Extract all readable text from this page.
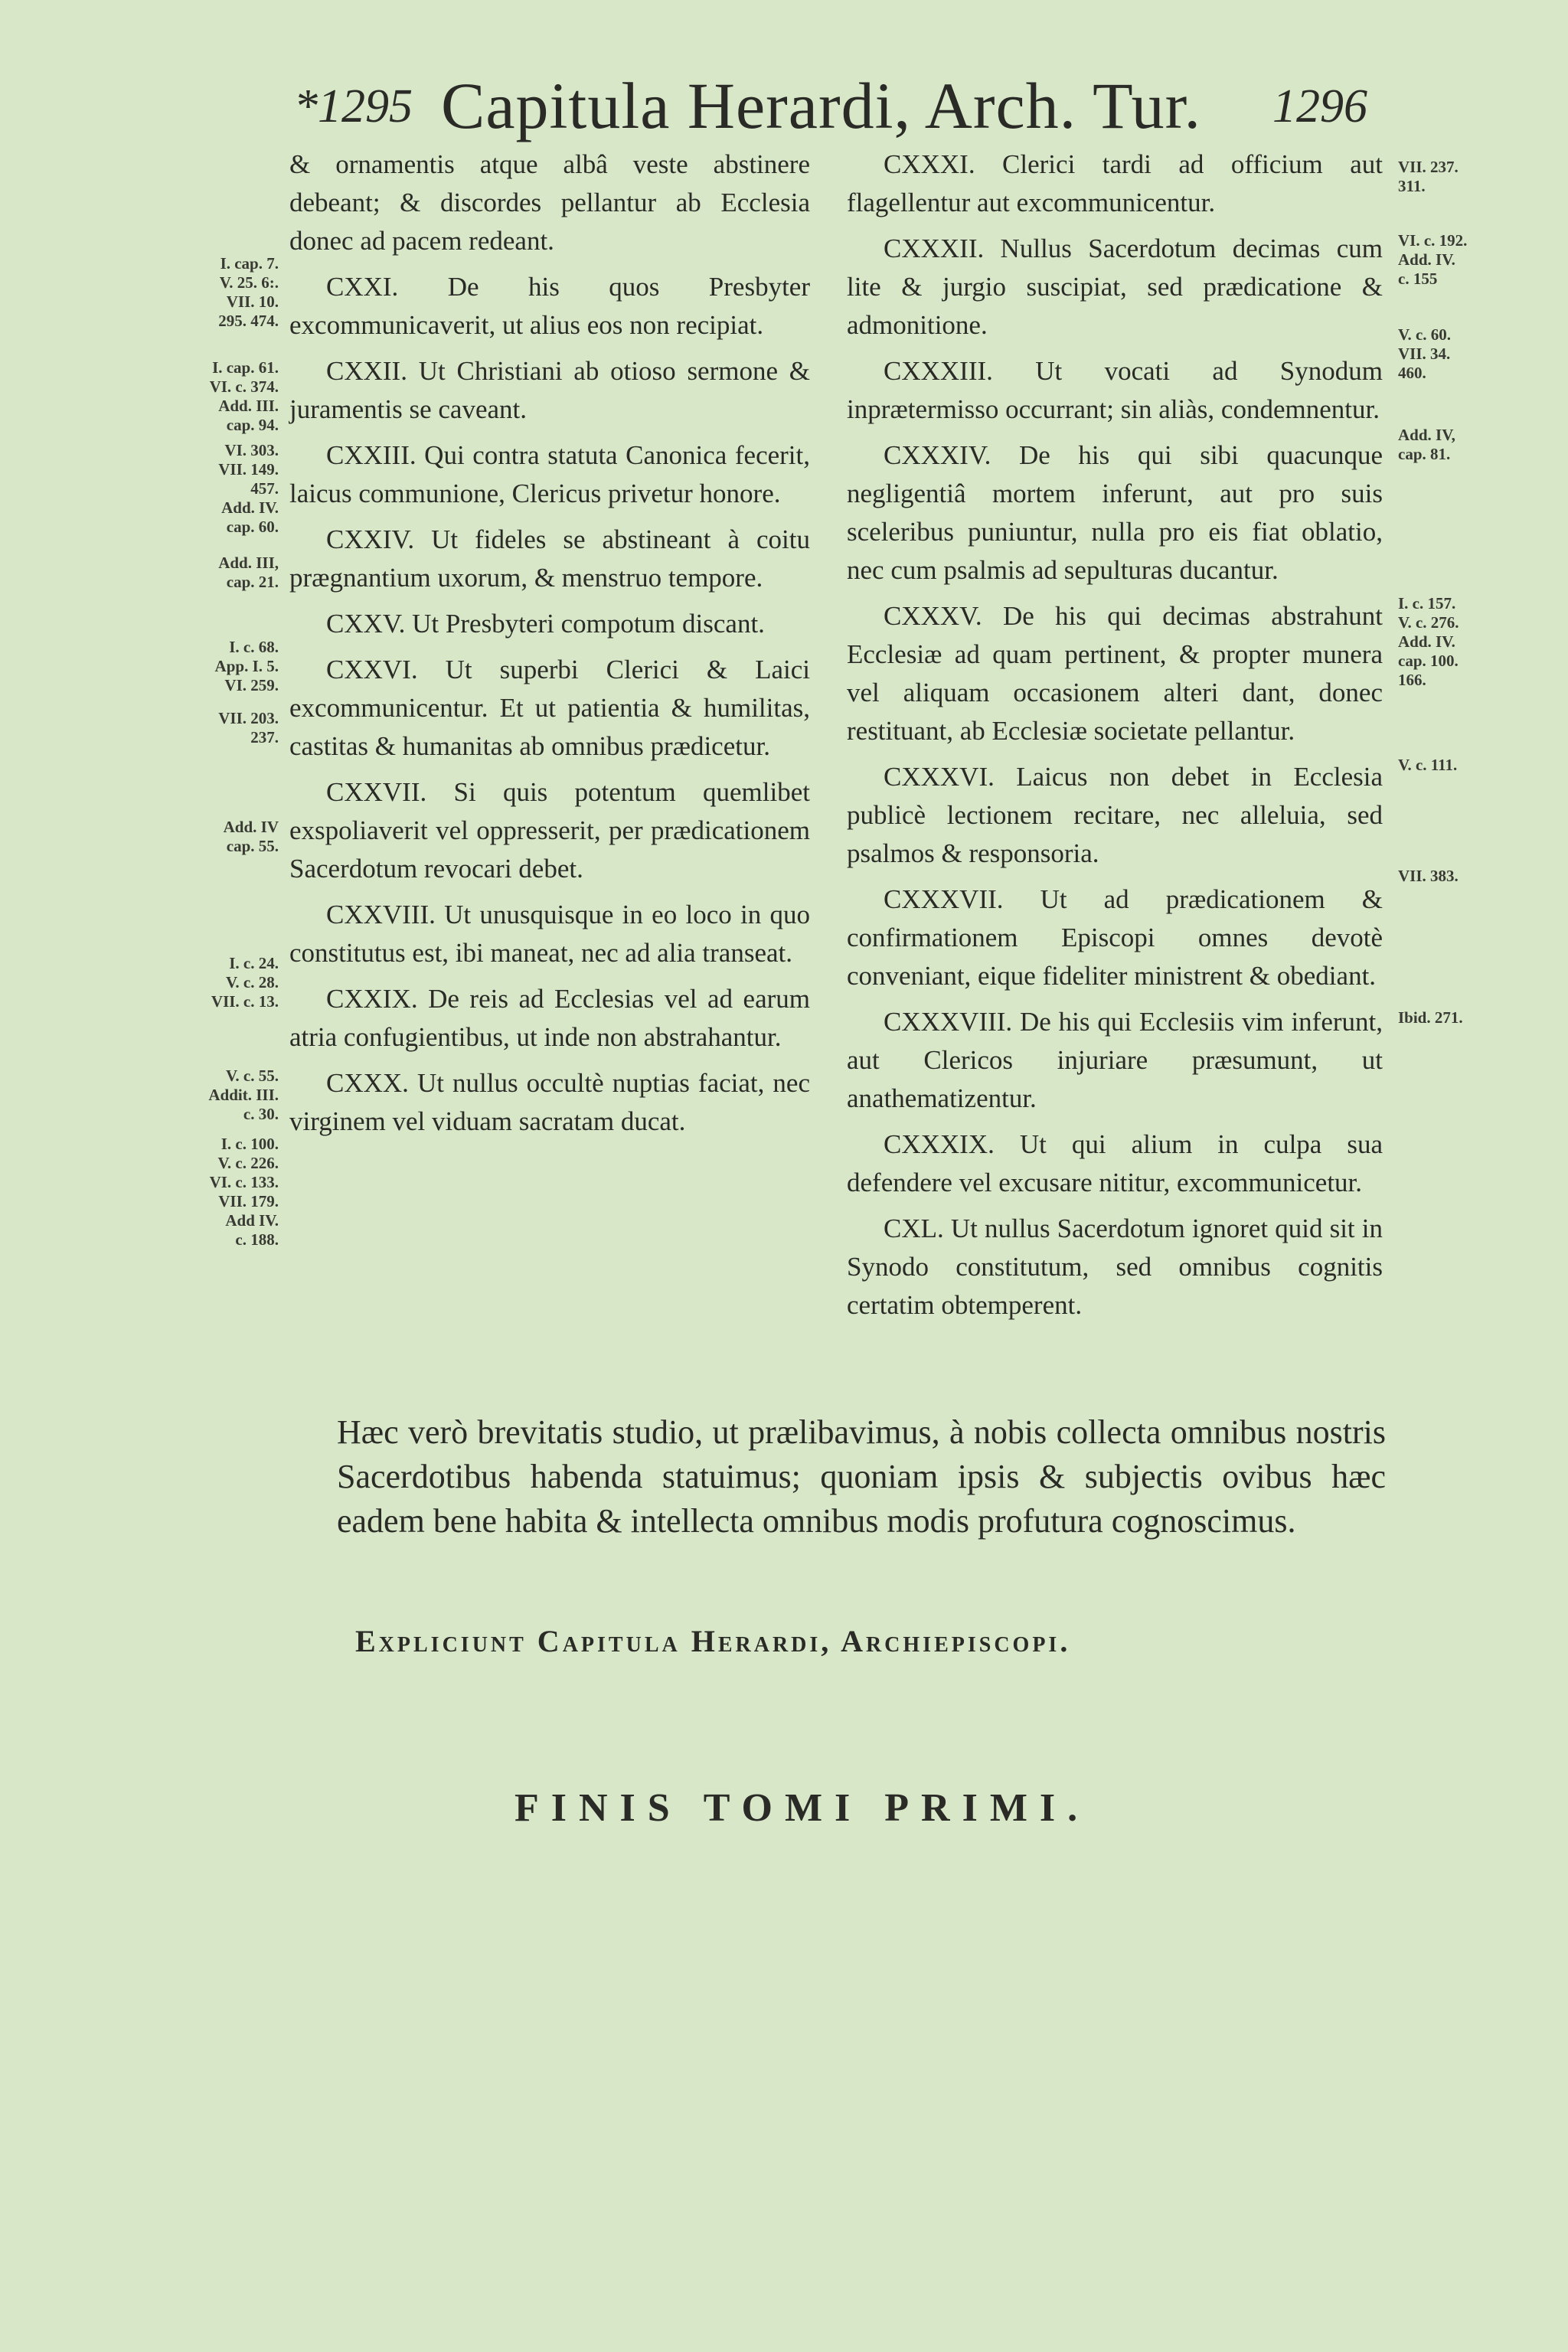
*1295 Capitula Herardi, Arch. Tur. 1296
I. cap. 7.
V. 25. 6:.
VII. 10.
295. 474.
I. cap. 61.
VI. c. 374.
Add. III.
cap. 94.
VI. 303.
VII. 149.
457.
Add. IV.
cap. 60.
Add. III,
cap. 21.
I. c. 68.
App. I. 5.
VI. 259.
VII. 203.
237.
Add. IV
cap. 55.
I. c. 24.
V. c. 28.
VII. c. 13.
V. c. 55.
Addit. III.
c. 30.
I. c. 100.
V. c. 226.
VI. c. 133.
VII. 179.
Add IV.
c. 188.

& ornamentis atque albâ veste abstinere debeant; & discordes pellantur ab Ecclesia donec ad pacem redeant.

CXXI. De his quos Presbyter excommunicaverit, ut alius eos non recipiat.

CXXII. Ut Christiani ab otioso sermone & juramentis se caveant.

CXXIII. Qui contra statuta Canonica fecerit, laicus communione, Clericus privetur honore.

CXXIV. Ut fideles se abstineant à coitu prægnantium uxorum, & menstruo tempore.

CXXV. Ut Presbyteri compotum discant.

CXXVI. Ut superbi Clerici & Laici excommunicentur. Et ut patientia & humilitas, castitas & humanitas ab omnibus prædicetur.

CXXVII. Si quis potentum quemlibet exspoliaverit vel oppresserit, per prædicationem Sacerdotum revocari debet.

CXXVIII. Ut unusquisque in eo loco in quo constitutus est, ibi maneat, nec ad alia transeat.

CXXIX. De reis ad Ecclesias vel ad earum atria confugientibus, ut inde non abstrahantur.

CXXX. Ut nullus occultè nuptias faciat, nec virginem vel viduam sacratam ducat.

CXXXI. Clerici tardi ad officium aut flagellentur aut excommunicentur.

CXXXII. Nullus Sacerdotum decimas cum lite & jurgio suscipiat, sed prædicatione & admonitione.

CXXXIII. Ut vocati ad Synodum inprætermisso occurrant; sin aliàs, condemnentur.

CXXXIV. De his qui sibi quacunque negligentiâ mortem inferunt, aut pro suis sceleribus puniuntur, nulla pro eis fiat oblatio, nec cum psalmis ad sepulturas ducantur.

CXXXV. De his qui decimas abstrahunt Ecclesiæ ad quam pertinent, & propter munera vel aliquam occasionem alteri dant, donec restituant, ab Ecclesiæ societate pellantur.

CXXXVI. Laicus non debet in Ecclesia publicè lectionem recitare, nec alleluia, sed psalmos & responsoria.

CXXXVII. Ut ad prædicationem & confirmationem Episcopi omnes devotè conveniant, eique fideliter ministrent & obediant.

CXXXVIII. De his qui Ecclesiis vim inferunt, aut Clericos injuriare præsumunt, ut anathematizentur.

CXXXIX. Ut qui alium in culpa sua defendere vel excusare nititur, excommunicetur.

CXL. Ut nullus Sacerdotum ignoret quid sit in Synodo constitutum, sed omnibus cognitis certatim obtemperent.

VII. 237.
311.
VI. c. 192.
Add. IV.
c. 155
V. c. 60.
VII. 34.
460.
Add. IV,
cap. 81.
I. c. 157.
V. c. 276.
Add. IV.
cap. 100.
166.
V. c. 111.
VII. 383.
Ibid. 271.

Hæc verò brevitatis studio, ut prælibavimus, à nobis collecta omnibus nostris Sacerdotibus habenda statuimus; quoniam ipsis & subjectis ovibus hæc eadem bene habita & intellecta omnibus modis profutura cognoscimus.

Expliciunt Capitula Herardi, Archiepiscopi.
FINIS TOMI PRIMI.
